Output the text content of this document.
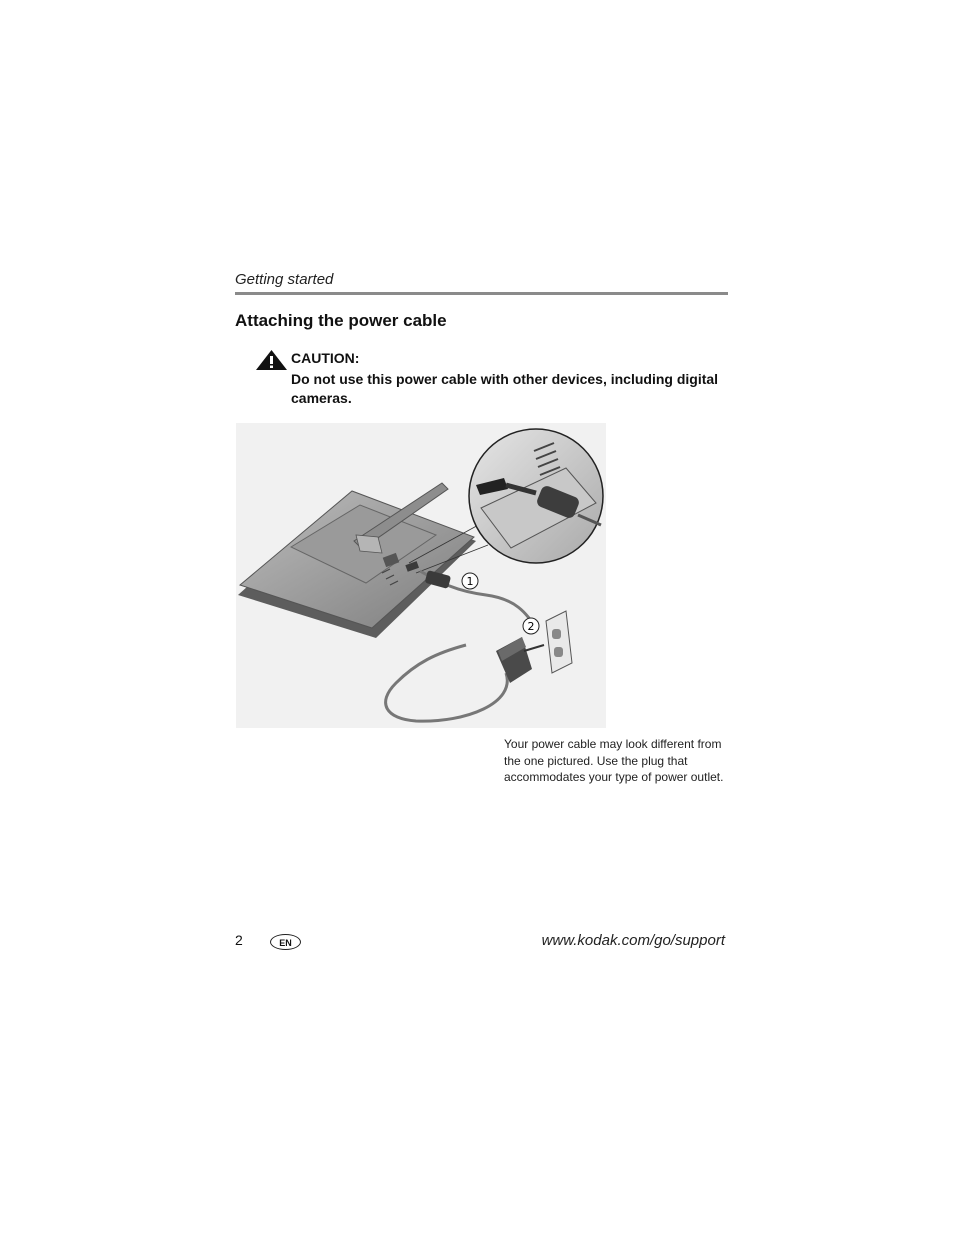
Getting started
Attaching the power cable
CAUTION:
Do not use this power cable with other devices, including digital cameras.
1
2
Your power cable may look different from the one pictured. Use the plug that accommodates your type of power outlet.
2	EN	www.kodak.com/go/support
